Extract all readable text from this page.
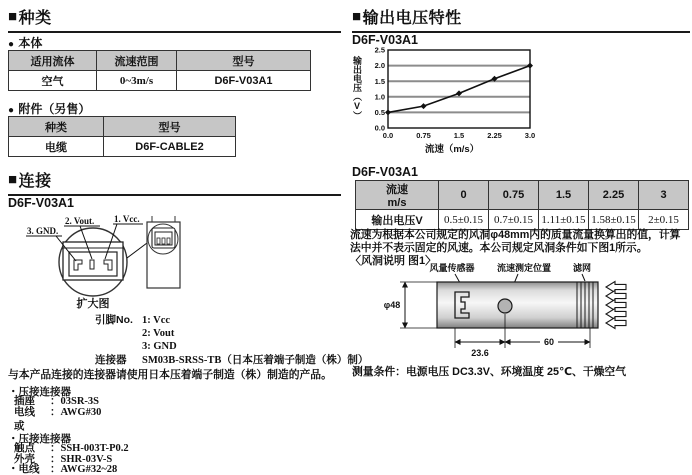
■ 种类
● 本体
适用流体	流速范围	型号
空气	0~3m/s	D6F-V03A1
● 附件（另售）
种类	型号
电缆	D6F-CABLE2
■ 连接
D6F-V03A1
2. Vout. 1. Vcc.
3. GND.
扩大图
引脚No. 1: Vcc
2: Vout
3: GND
连接器	SM03B-SRSS-TB（日本压着端子制造（株）制）
与本产品连接的连接器请使用日本压着端子制造（株）制造的产品。
・压接连接器
插座	：03SR-3S
电线	：AWG#30
或
・压接连接器
触点	：SSH-003T-P0.2
外壳	：SHR-03V-S
・电线	：AWG#32~28
■ 输出电压特性
D6F-V03A1
输出电压（V）
0.0
0.5
1.0
1.5
2.0
2.5
0.0	0.75	1.5	2.25	3.0
流速（m/s）
D6F-V03A1
流速
m/s	0	0.75	1.5	2.25	3
输出电压V	0.5±0.15	0.7±0.15	1.11±0.15	1.58±0.15	2±0.15
流速为根据本公司规定的风洞φ48mm内的质量流量换算出的值，计算法中并不表示固定的风速。本公司规定风洞条件如下图1所示。
〈风洞说明 图1〉
风量传感器 流速测定位置 滤网
φ48
23.6
60
测量条件：电源电压 DC3.3V、环境温度 25℃、干燥空气
